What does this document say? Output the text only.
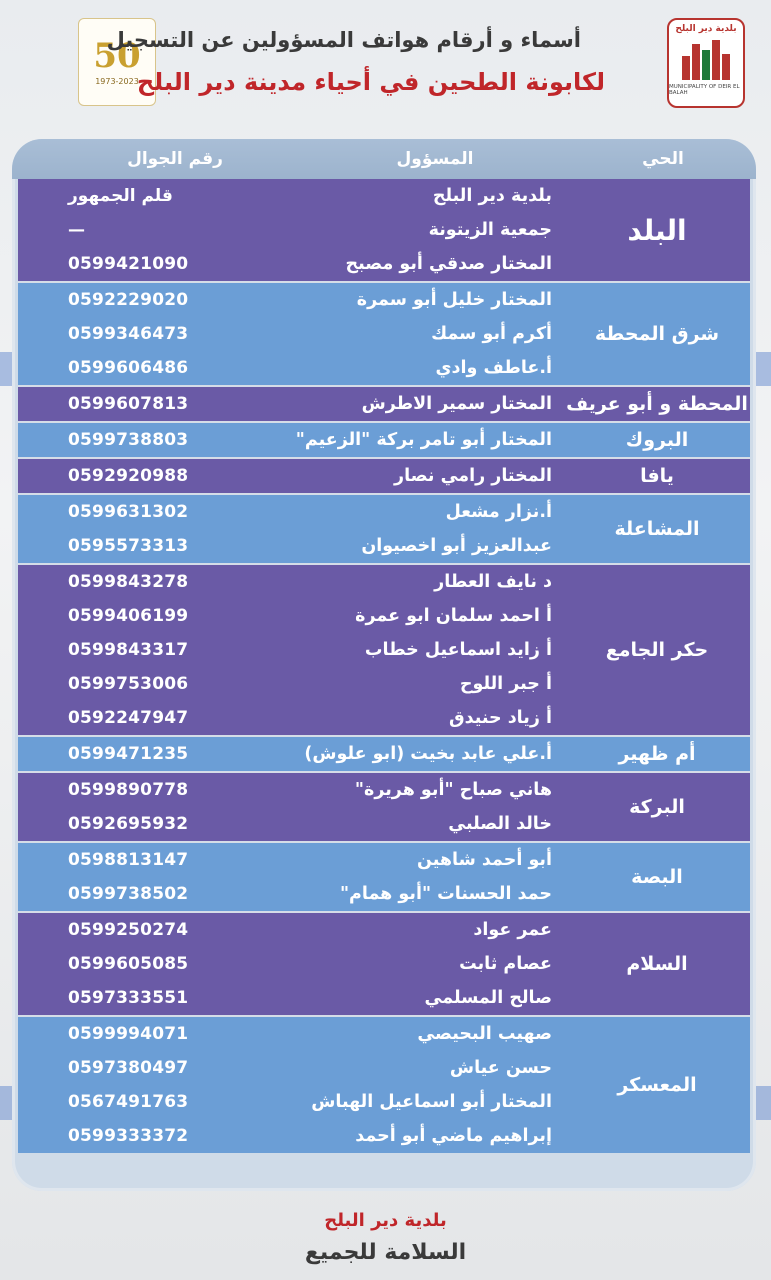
50
1973-2023
أسماء و أرقام هواتف المسؤولين عن التسجيل
لكابونة الطحين في أحياء مدينة دير البلح
بلدية دير البلح
MUNICIPALITY OF DEIR EL BALAH
الحي
المسؤول
رقم الجوال
البلد
بلدية دير البلح
قلم الجمهور
جمعية الزيتونة
—
المختار صدقي أبو مصبح
0599421090
شرق المحطة
المختار خليل أبو سمرة
0592229020
أكرم أبو سمك
0599346473
أ.عاطف وادي
0599606486
المحطة و أبو عريف
المختار سمير الاطرش
0599607813
البروك
المختار أبو تامر بركة "الزعيم"
0599738803
يافا
المختار رامي نصار
0592920988
المشاعلة
أ.نزار مشعل
0599631302
عبدالعزيز أبو اخصيوان
0595573313
حكر الجامع
د نايف العطار
0599843278
أ احمد سلمان ابو عمرة
0599406199
أ زايد اسماعيل خطاب
0599843317
أ جبر اللوح
0599753006
أ زياد حنيدق
0592247947
أم ظهير
أ.علي عابد بخيت (ابو علوش)
0599471235
البركة
هاني صباح "أبو هريرة"
0599890778
خالد الصلبي
0592695932
البصة
أبو أحمد شاهين
0598813147
حمد الحسنات "أبو همام"
0599738502
السلام
عمر عواد
0599250274
عصام ثابت
0599605085
صالح المسلمي
0597333551
المعسكر
صهيب البحيصي
0599994071
حسن عياش
0597380497
المختار أبو اسماعيل الهباش
0567491763
إبراهيم ماضي أبو أحمد
0599333372
بلدية دير البلح
السلامة للجميع
